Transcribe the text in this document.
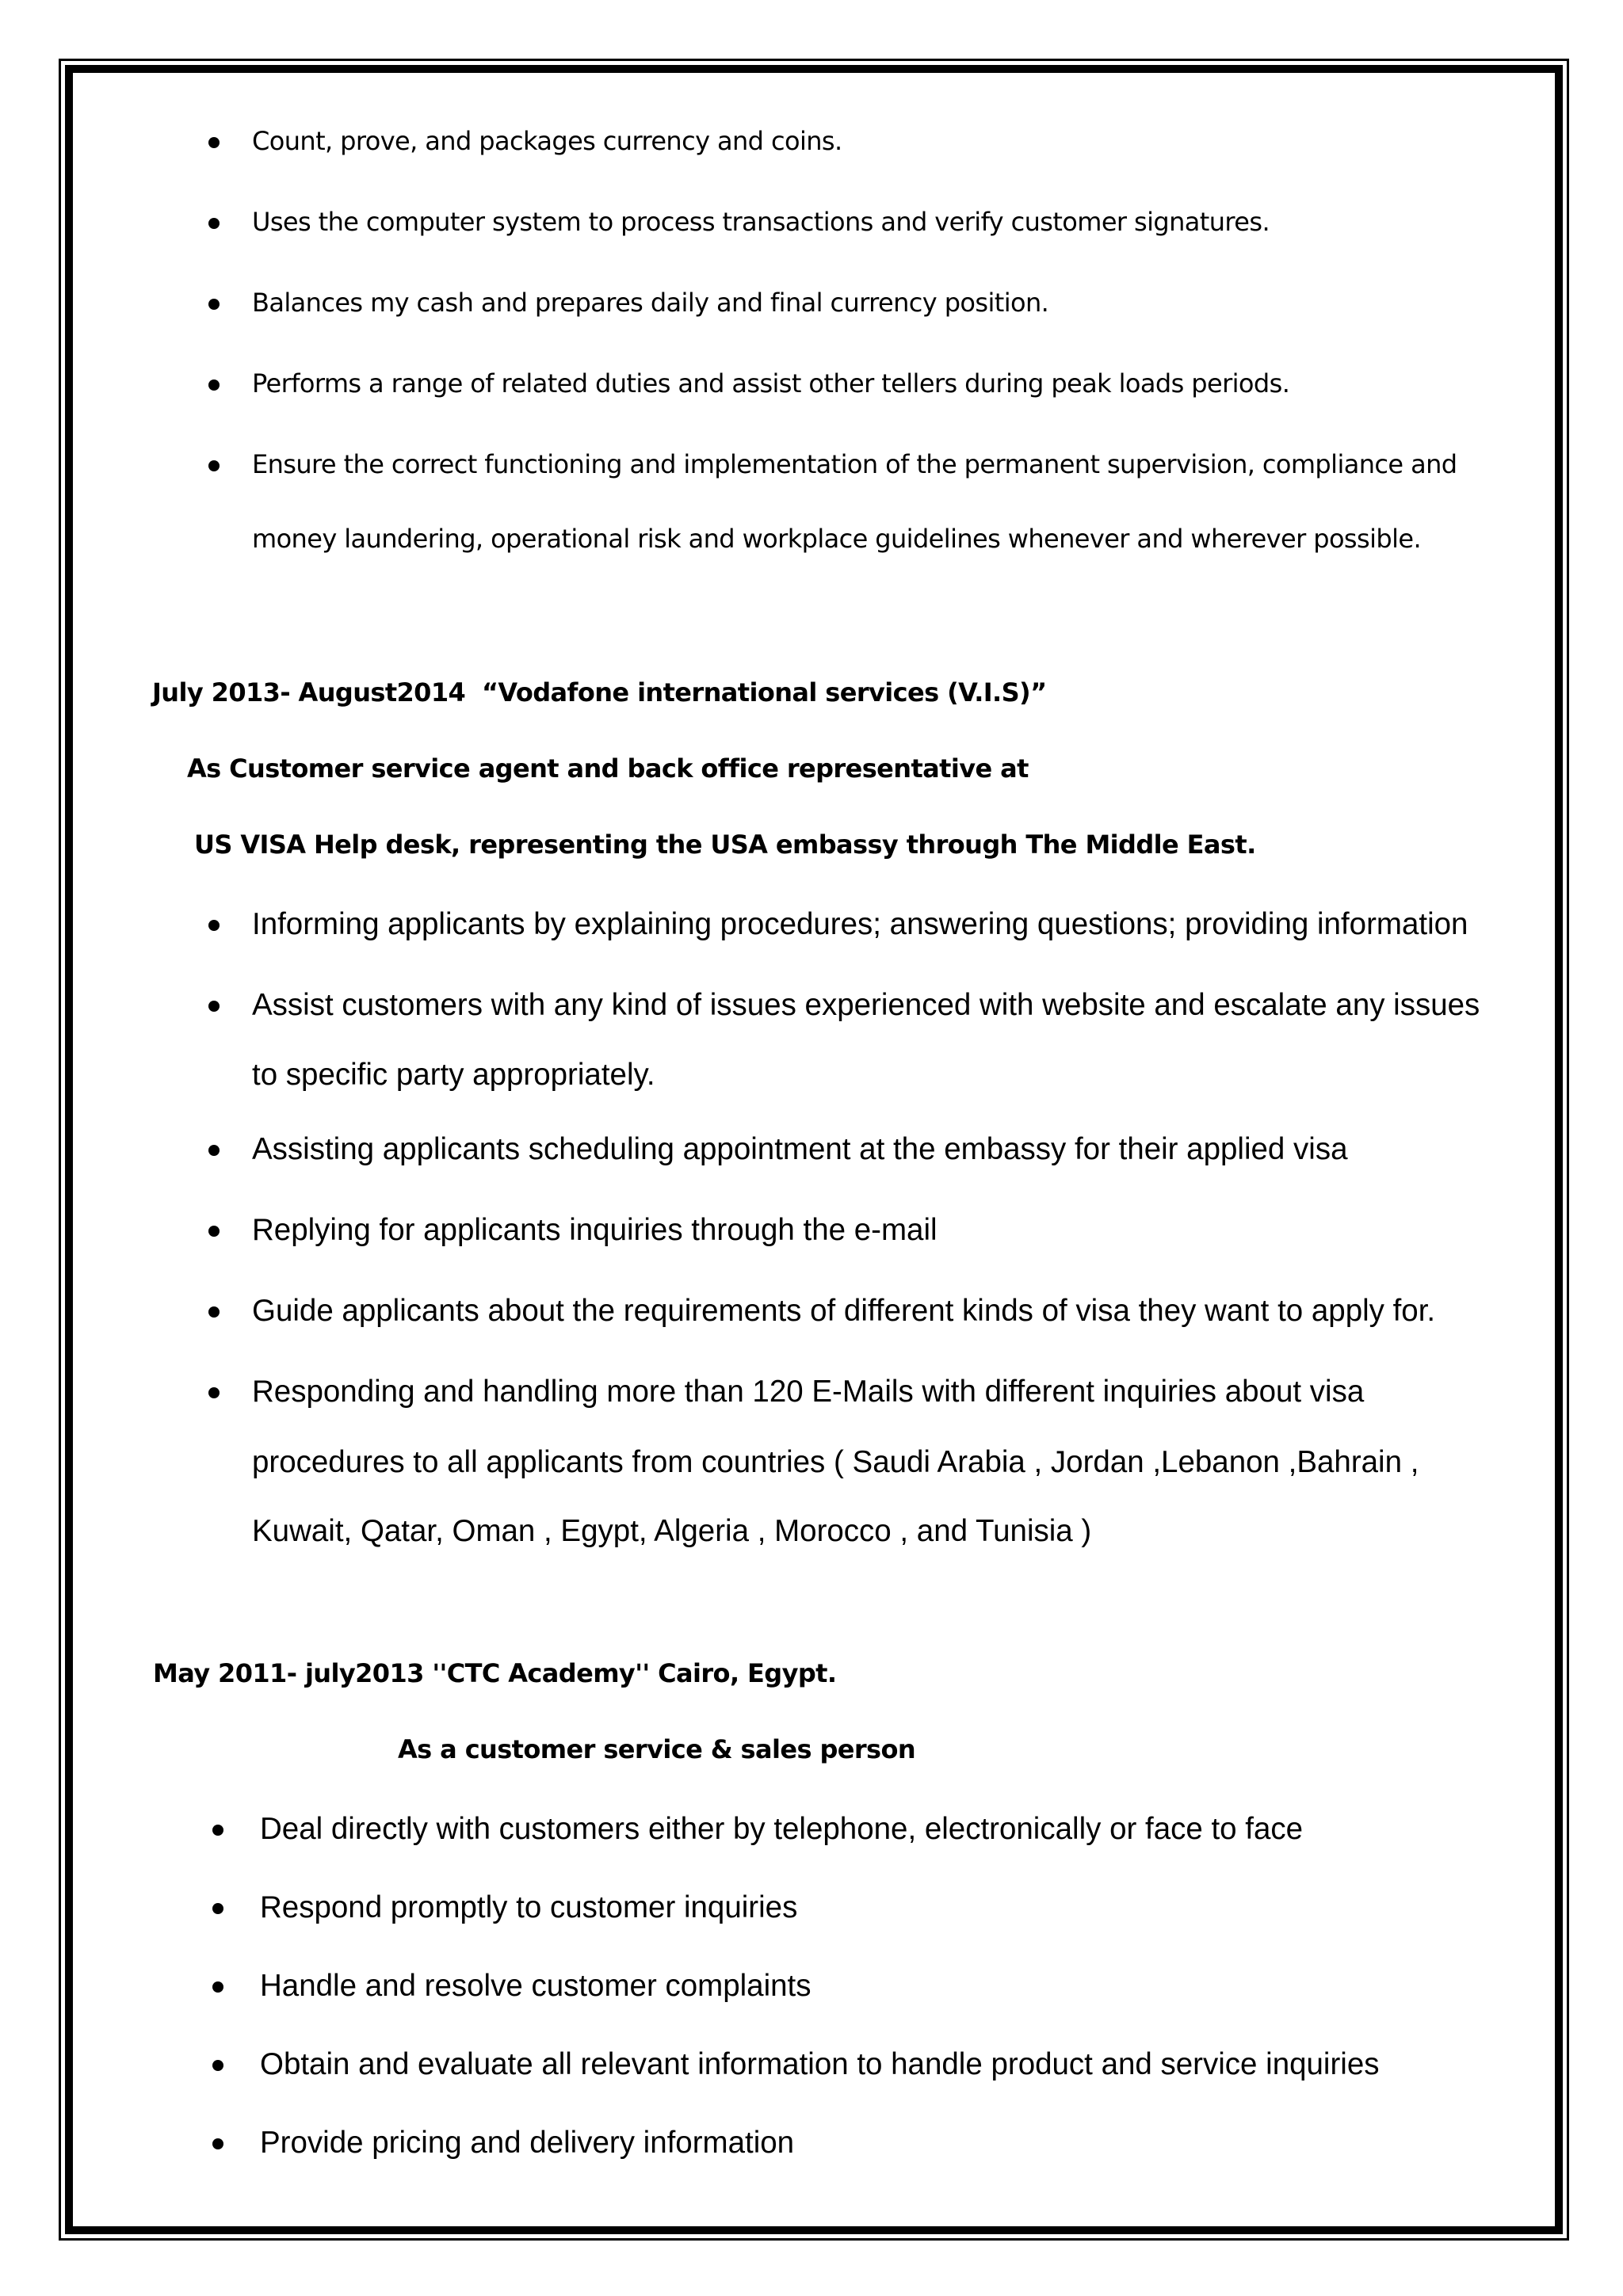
Count, prove, and packages currency and coins.
Uses the computer system to process transactions and verify customer signatures.
Balances my cash and prepares daily and final currency position.
Performs a range of related duties and assist other tellers during peak loads periods.
Ensure the correct functioning and implementation of the permanent supervision, compliance and
money laundering, operational risk and workplace guidelines whenever and wherever possible.
July 2013- August2014 “Vodafone international services (V.I.S)”
As Customer service agent and back office representative at
US VISA Help desk, representing the USA embassy through The Middle East.
Informing applicants by explaining procedures; answering questions; providing information
Assist customers with any kind of issues experienced with website and escalate any issues
to specific party appropriately.
Assisting applicants scheduling appointment at the embassy for their applied visa
Replying for applicants inquiries through the e-mail
Guide applicants about the requirements of different kinds of visa they want to apply for.
Responding and handling more than 120 E-Mails with different inquiries about visa
procedures to all applicants from countries ( Saudi Arabia , Jordan ,Lebanon ,Bahrain ,
Kuwait, Qatar, Oman , Egypt, Algeria , Morocco , and Tunisia )
May 2011- july2013 ''CTC Academy'' Cairo, Egypt.
As a customer service & sales person
Deal directly with customers either by telephone, electronically or face to face
Respond promptly to customer inquiries
Handle and resolve customer complaints
Obtain and evaluate all relevant information to handle product and service inquiries
Provide pricing and delivery information
